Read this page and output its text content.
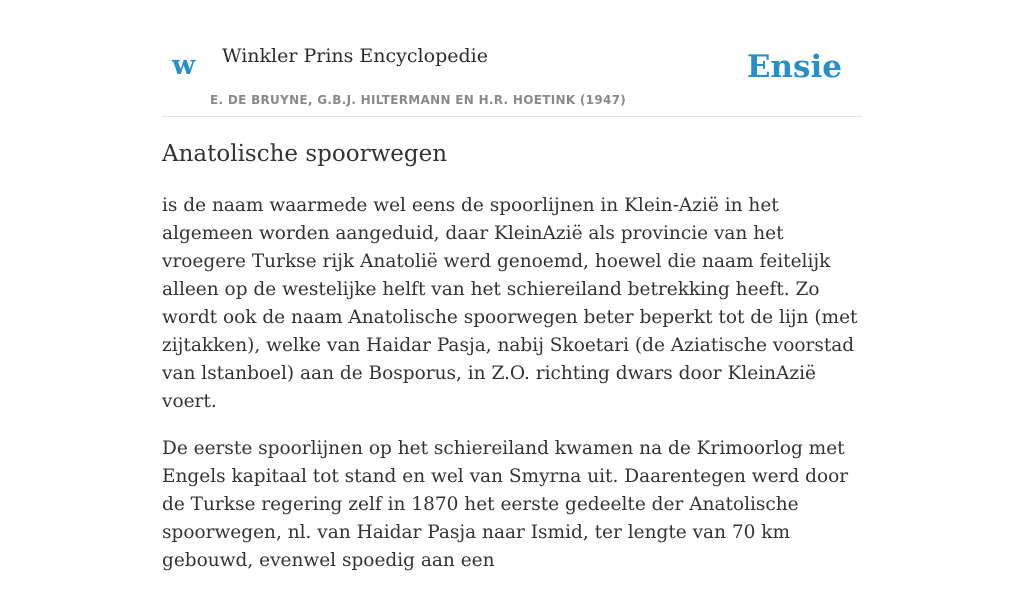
w Winkler Prins Encyclopedie
E. DE BRUYNE, G.B.J. HILTERMANN EN H.R. HOETINK (1947)
Ensie
Anatolische spoorwegen

is de naam waarmede wel eens de spoorlijnen in Klein-Azië in het algemeen worden aangeduid, daar KleinAzië als provincie van het vroegere Turkse rijk Anatolië werd genoemd, hoewel die naam feitelijk alleen op de westelijke helft van het schiereiland betrekking heeft. Zo wordt ook de naam Anatolische spoorwegen beter beperkt tot de lijn (met zijtakken), welke van Haidar Pasja, nabij Skoetari (de Aziatische voorstad van lstanboel) aan de Bosporus, in Z.O. richting dwars door KleinAzië voert.

De eerste spoorlijnen op het schiereiland kwamen na de Krimoorlog met Engels kapitaal tot stand en wel van Smyrna uit. Daarentegen werd door de Turkse regering zelf in 1870 het eerste gedeelte der Anatolische spoorwegen, nl. van Haidar Pasja naar Ismid, ter lengte van 70 km gebouwd, evenwel spoedig aan een
